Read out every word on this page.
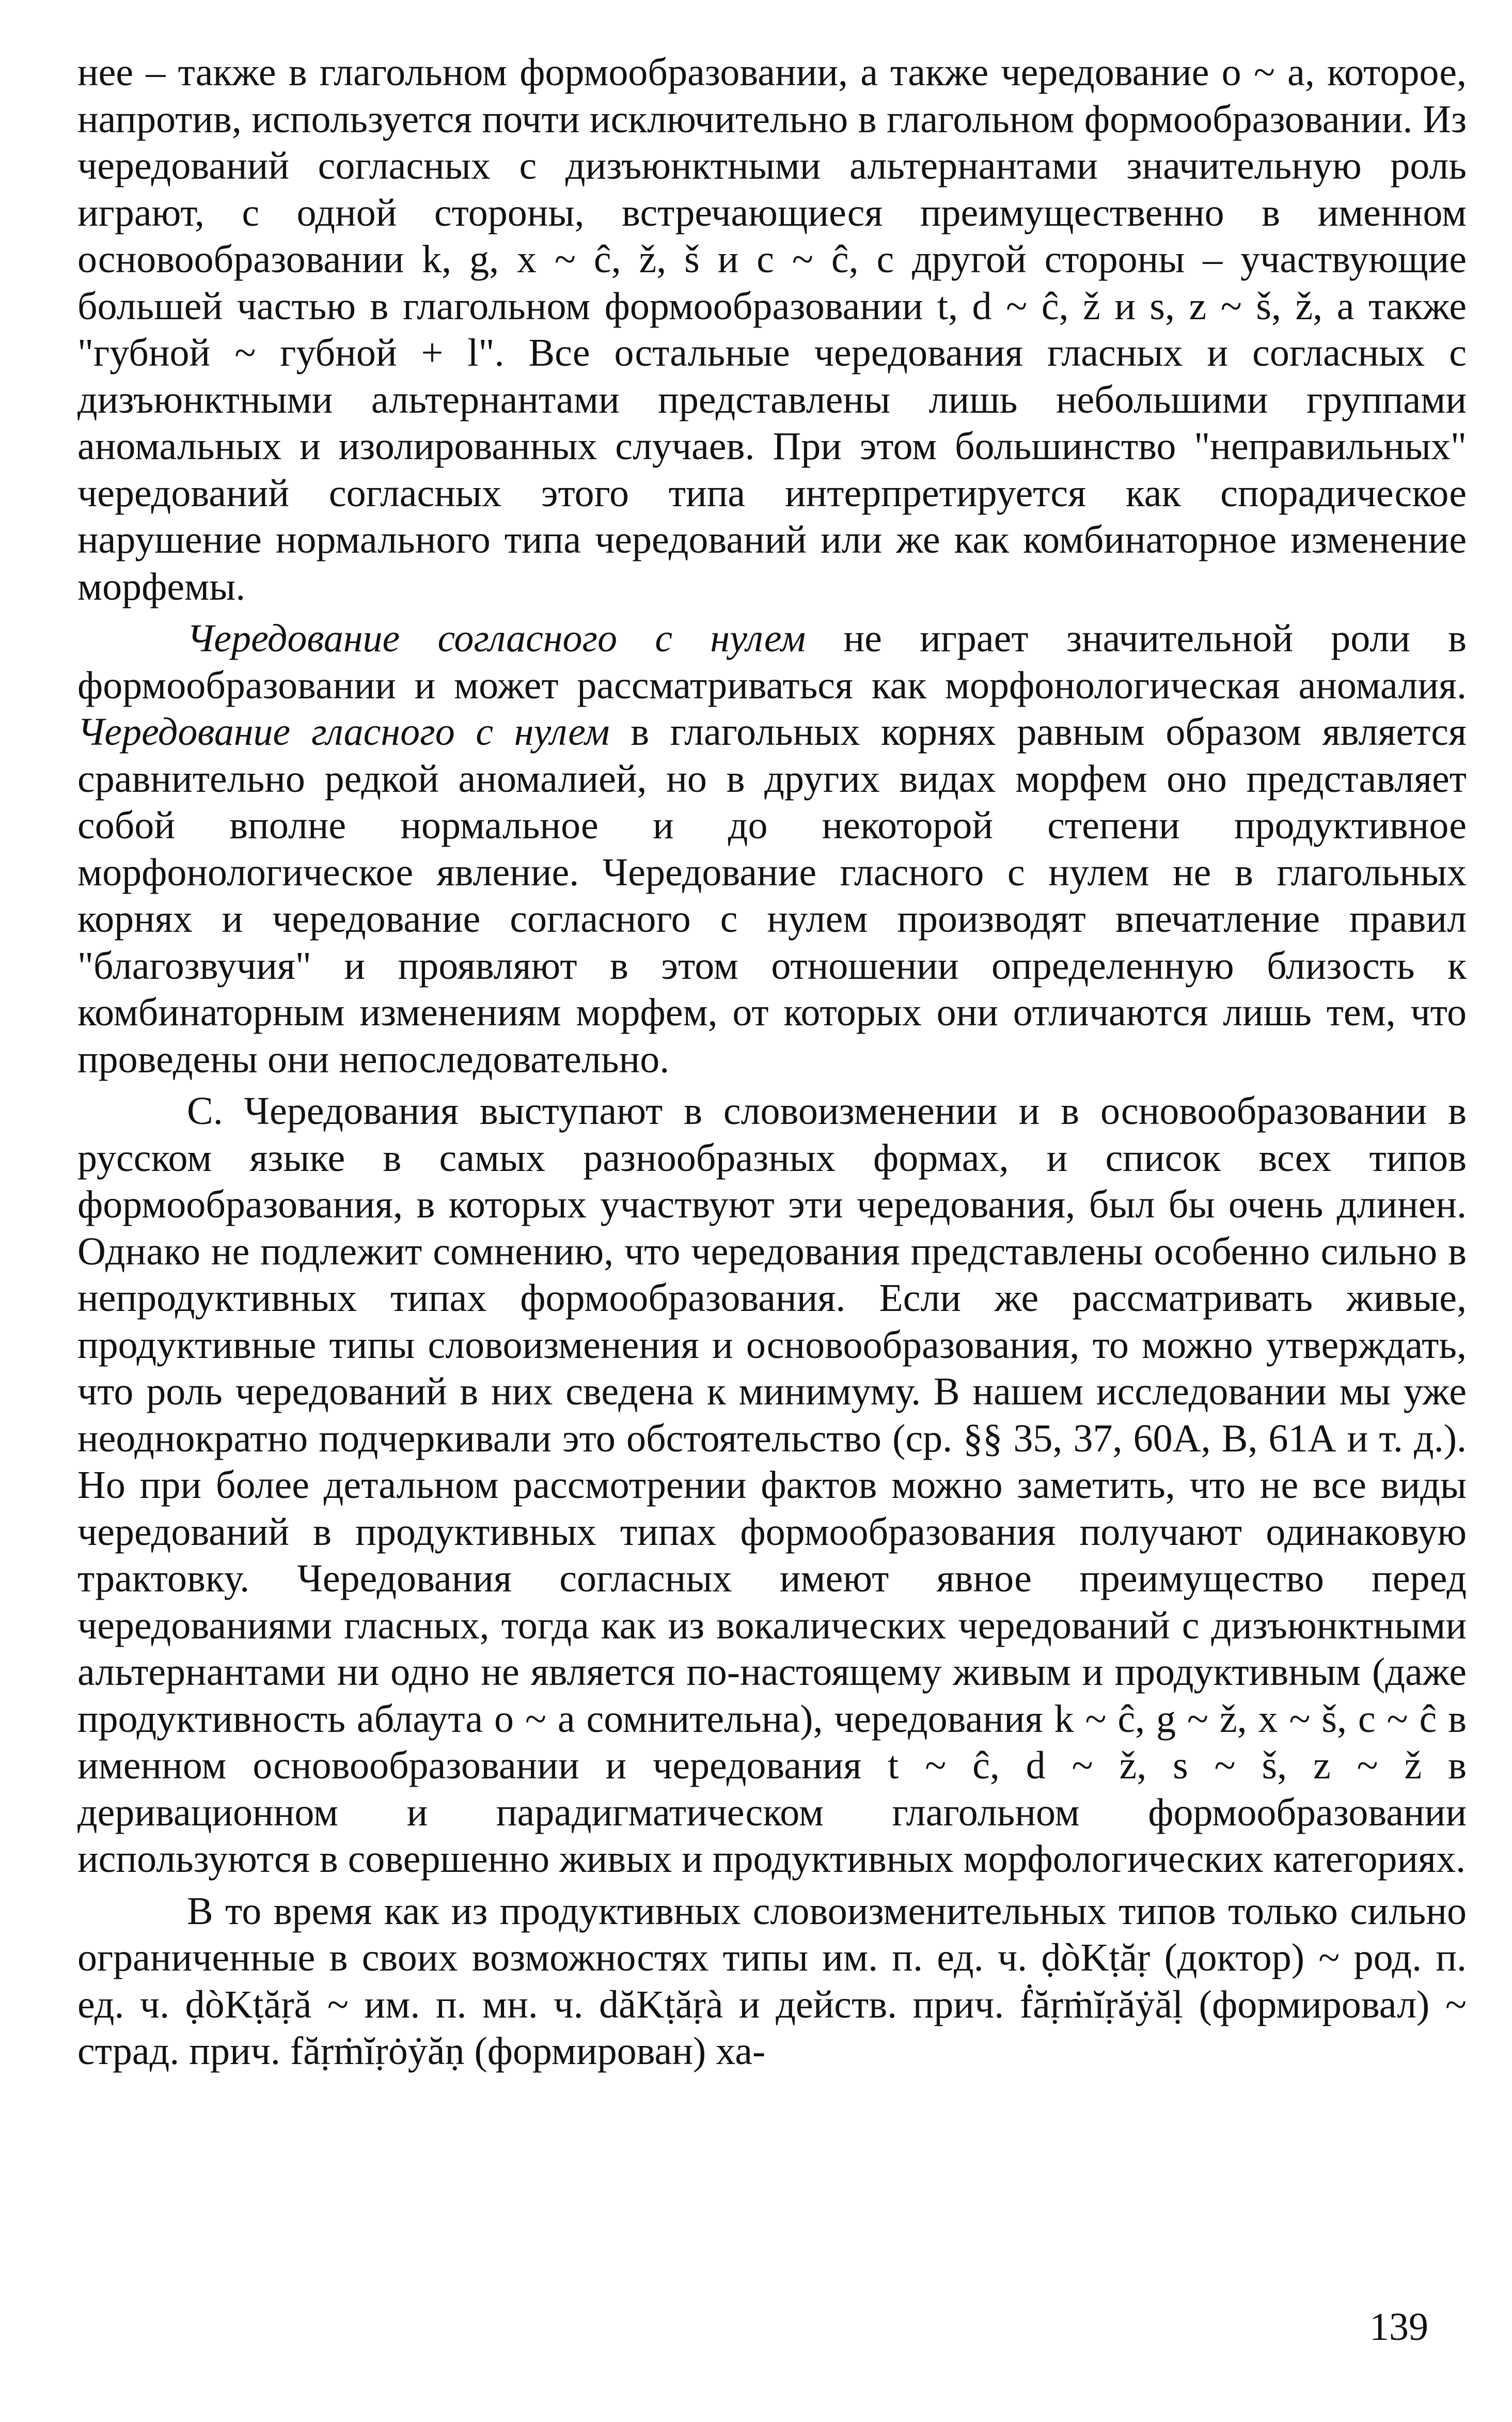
нее – также в глагольном формообразовании, а также чередование о ~ а, которое, напротив, используется почти исключительно в глагольном формообразовании. Из чередований согласных с дизъюнктными альтернантами значительную роль играют, с одной стороны, встречающиеся преимущественно в именном основообразовании k, g, x ~ ĉ, ž, š и c ~ ĉ, с другой стороны – участвующие большей частью в глагольном формообразовании t, d ~ ĉ, ž и s, z ~ š, ž, а также "губной ~ губной + l". Все остальные чередования гласных и согласных с дизъюнктными альтернантами представлены лишь небольшими группами аномальных и изолированных случаев. При этом большинство "неправильных" чередований согласных этого типа интерпретируется как спорадическое нарушение нормального типа чередований или же как комбинаторное изменение морфемы.

Чередование согласного с нулем не играет значительной роли в формообразовании и может рассматриваться как морфонологическая аномалия. Чередование гласного с нулем в глагольных корнях равным образом является сравнительно редкой аномалией, но в других видах морфем оно представляет собой вполне нормальное и до некоторой степени продуктивное морфонологическое явление. Чередование гласного с нулем не в глагольных корнях и чередование согласного с нулем производят впечатление правил "благозвучия" и проявляют в этом отношении определенную близость к комбинаторным изменениям морфем, от которых они отличаются лишь тем, что проведены они непоследовательно.

С. Чередования выступают в словоизменении и в основообразовании в русском языке в самых разнообразных формах, и список всех типов формообразования, в которых участвуют эти чередования, был бы очень длинен. Однако не подлежит сомнению, что чередования представлены особенно сильно в непродуктивных типах формообразования. Если же рассматривать живые, продуктивные типы словоизменения и основообразования, то можно утверждать, что роль чередований в них сведена к минимуму. В нашем исследовании мы уже неоднократно подчеркивали это обстоятельство (ср. §§ 35, 37, 60А, В, 61А и т. д.). Но при более детальном рассмотрении фактов можно заметить, что не все виды чередований в продуктивных типах формообразования получают одинаковую трактовку. Чередования согласных имеют явное преимущество перед чередованиями гласных, тогда как из вокалических чередований с дизъюнктными альтернантами ни одно не является по-настоящему живым и продуктивным (даже продуктивность аблаута о ~ а сомнительна), чередования k ~ ĉ, g ~ ž, x ~ š, c ~ ĉ в именном основообразовании и чередования t ~ ĉ, d ~ ž, s ~ š, z ~ ž в деривационном и парадигматическом глагольном формообразовании используются в совершенно живых и продуктивных морфологических категориях.

В то время как из продуктивных словоизменительных типов только сильно ограниченные в своих возможностях типы им. п. ед. ч. ḍòKṭăṛ (доктор) ~ род. п. ед. ч. ḍòKṭăṛă ~ им. п. мн. ч. dăKṭăṛà и действ. прич. ḟăṛṁĭṛăẏăḷ (формировал) ~ страд. прич. făṛṁĭṛȯẏăṇ (формирован) ха-

139
